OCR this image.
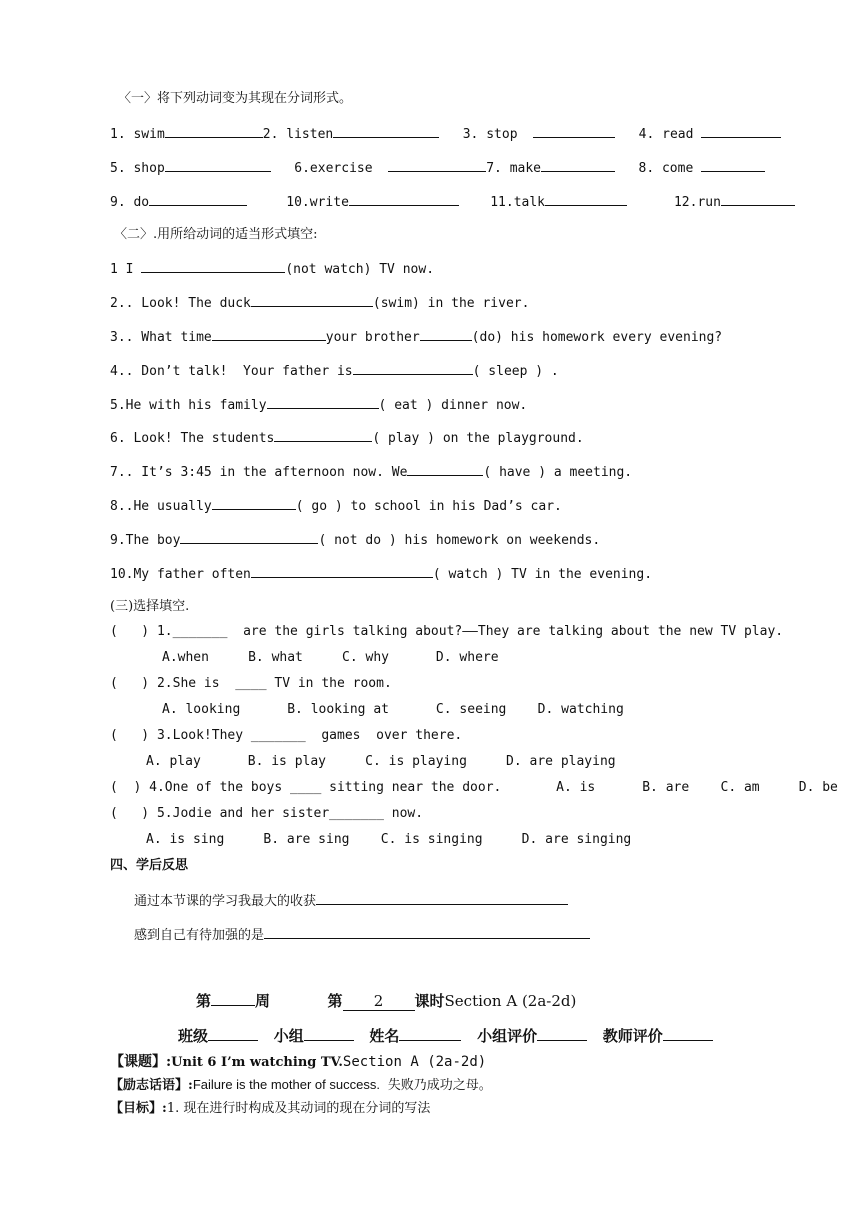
〈一〉将下列动词变为其现在分词形式。
1. swim	2. listen	3. stop	4. read
5. shop	6.exercise	7. make	8. come
9. do	10.write	11.talk	12.run
〈二〉.用所给动词的适当形式填空:
1 I	(not watch) TV now.
2.. Look! The duck	(swim) in the river.
3.. What time	your brother	(do) his homework every evening?
4.. Don’t talk!  Your father is	( sleep ) .
5.He with his family	( eat ) dinner now.
6. Look! The students	( play ) on the playground.
7.. It’s 3:45 in the afternoon now. We	( have ) a meeting.
8..He usually	( go ) to school in his Dad’s car.
9.The boy	( not do ) his homework on weekends.
10.My father often	( watch ) TV in the evening.
(三)选择填空.
(   ) 1._______  are the girls talking about?——They are talking about the new TV play.
A.when     B. what     C. why      D. where
(   ) 2.She is  ____ TV in the room.
A. looking      B. looking at      C. seeing    D. watching
(   ) 3.Look!They _______  games  over there.
A. play      B. is play     C. is playing     D. are playing
(  ) 4.One of the boys ____ sitting near the door.       A. is      B. are    C. am     D. be
(   ) 5.Jodie and her sister_______ now.
A. is sing     B. are sing    C. is singing     D. are singing
四、学后反思
通过本节课的学习我最大的收获
感到自己有待加强的是
第	周	第 2 课时Section A (2a-2d)
班级	小组	姓名	小组评价	教师评价
【课题】:Unit 6 I’m watching TV.Section A (2a-2d)
【励志话语】:Failure is the mother of success. 失败乃成功之母。
【目标】:1. 现在进行时构成及其动词的现在分词的写法
